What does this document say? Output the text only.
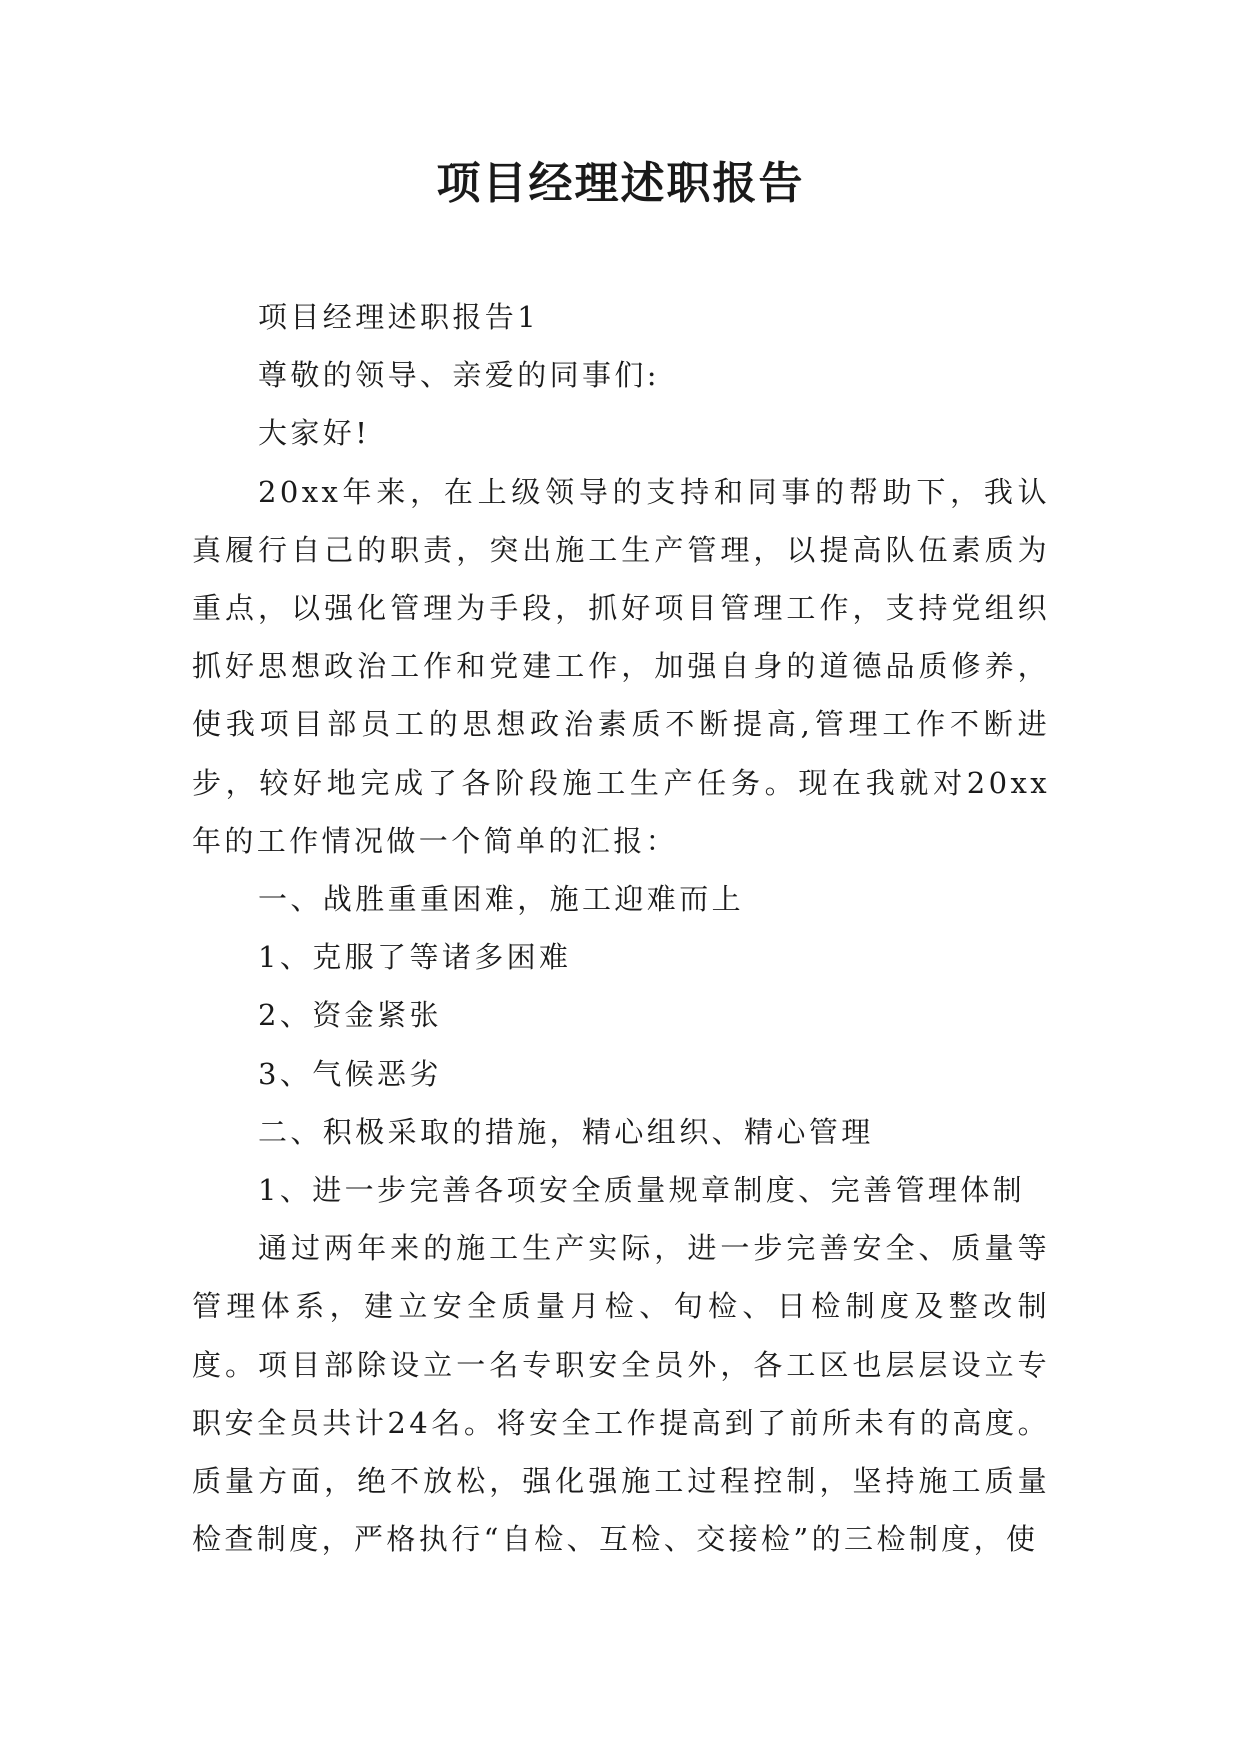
项目经理述职报告

项目经理述职报告1

尊敬的领导、亲爱的同事们:

大家好!

20xx年来，在上级领导的支持和同事的帮助下，我认真履行自己的职责，突出施工生产管理，以提高队伍素质为重点，以强化管理为手段，抓好项目管理工作，支持党组织抓好思想政治工作和党建工作，加强自身的道德品质修养，使我项目部员工的思想政治素质不断提高,管理工作不断进步，较好地完成了各阶段施工生产任务。现在我就对20xx年的工作情况做一个简单的汇报：

一、战胜重重困难，施工迎难而上

1、克服了等诸多困难

2、资金紧张

3、气候恶劣

二、积极采取的措施，精心组织、精心管理

1、进一步完善各项安全质量规章制度、完善管理体制

通过两年来的施工生产实际，进一步完善安全、质量等管理体系，建立安全质量月检、旬检、日检制度及整改制度。项目部除设立一名专职安全员外，各工区也层层设立专职安全员共计24名。将安全工作提高到了前所未有的高度。质量方面，绝不放松，强化强施工过程控制，坚持施工质量检查制度，严格执行“自检、互检、交接检”的三检制度，使
